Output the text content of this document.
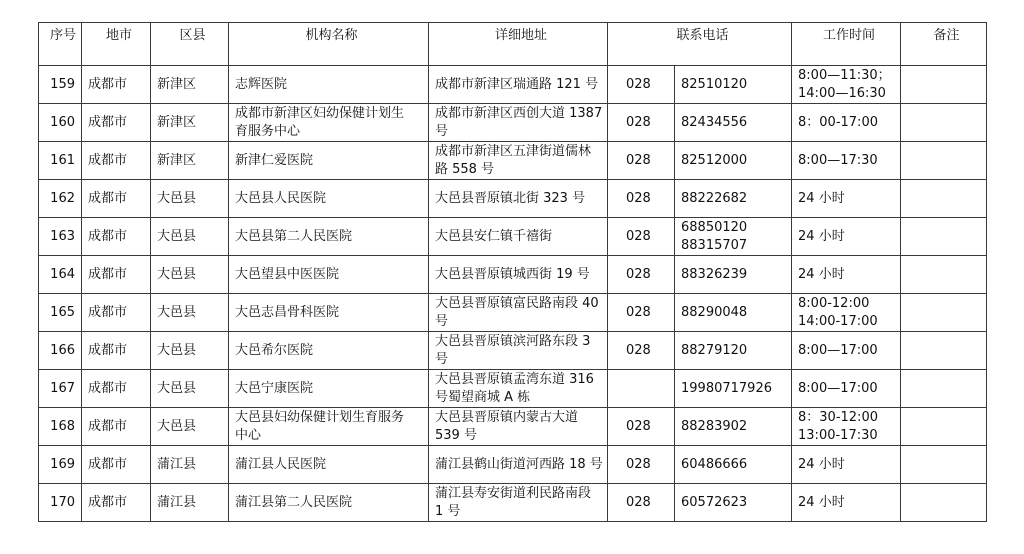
序号	地市	区县	机构名称	详细地址	联系电话		工作时间	备注
159	成都市	新津区	志辉医院	成都市新津区瑞通路 121 号	028	82510120	8:00—11:30；
14:00—16:30	
160	成都市	新津区	成都市新津区妇幼保健计划生
育服务中心	成都市新津区西创大道 1387
号	028	82434556	8：00-17:00	
161	成都市	新津区	新津仁爱医院	成都市新津区五津街道儒林
路 558 号	028	82512000	8:00—17:30	
162	成都市	大邑县	大邑县人民医院	大邑县晋原镇北街 323 号	028	88222682	24 小时	
163	成都市	大邑县	大邑县第二人民医院	大邑县安仁镇千禧街	028	68850120
88315707	24 小时	
164	成都市	大邑县	大邑望县中医医院	大邑县晋原镇城西街 19 号	028	88326239	24 小时	
165	成都市	大邑县	大邑志昌骨科医院	大邑县晋原镇富民路南段 40
号	028	88290048	8:00-12:00
14:00-17:00	
166	成都市	大邑县	大邑希尔医院	大邑县晋原镇滨河路东段 3
号	028	88279120	8:00—17:00	
167	成都市	大邑县	大邑宁康医院	大邑县晋原镇孟湾东道 316
号蜀望商城 A 栋		19980717926	8:00—17:00	
168	成都市	大邑县	大邑县妇幼保健计划生育服务
中心	大邑县晋原镇内蒙古大道
539 号	028	88283902	8：30-12:00
13:00-17:30	
169	成都市	蒲江县	蒲江县人民医院	蒲江县鹤山街道河西路 18 号	028	60486666	24 小时	
170	成都市	蒲江县	蒲江县第二人民医院	蒲江县寿安街道利民路南段
1 号	028	60572623	24 小时	
